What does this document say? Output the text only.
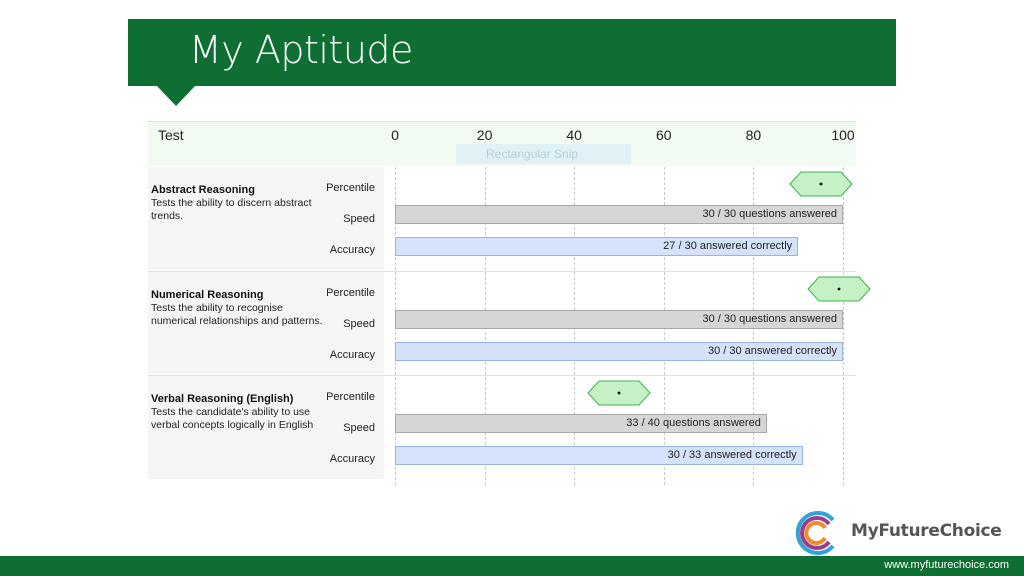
My Aptitude
Test
Rectangular Snip
0	20	40	60	80	100
Abstract Reasoning
Tests the ability to discern abstract trends.
Percentile
Speed
Accuracy
30 / 30 questions answered
27 / 30 answered correctly
Numerical Reasoning
Tests the ability to recognise numerical relationships and patterns.
Percentile
Speed
Accuracy
30 / 30 questions answered
30 / 30 answered correctly
Verbal Reasoning (English)
Tests the candidate's ability to use verbal concepts logically in English
Percentile
Speed
Accuracy
33 / 40 questions answered
30 / 33 answered correctly
MyFutureChoice
www.myfuturechoice.com
